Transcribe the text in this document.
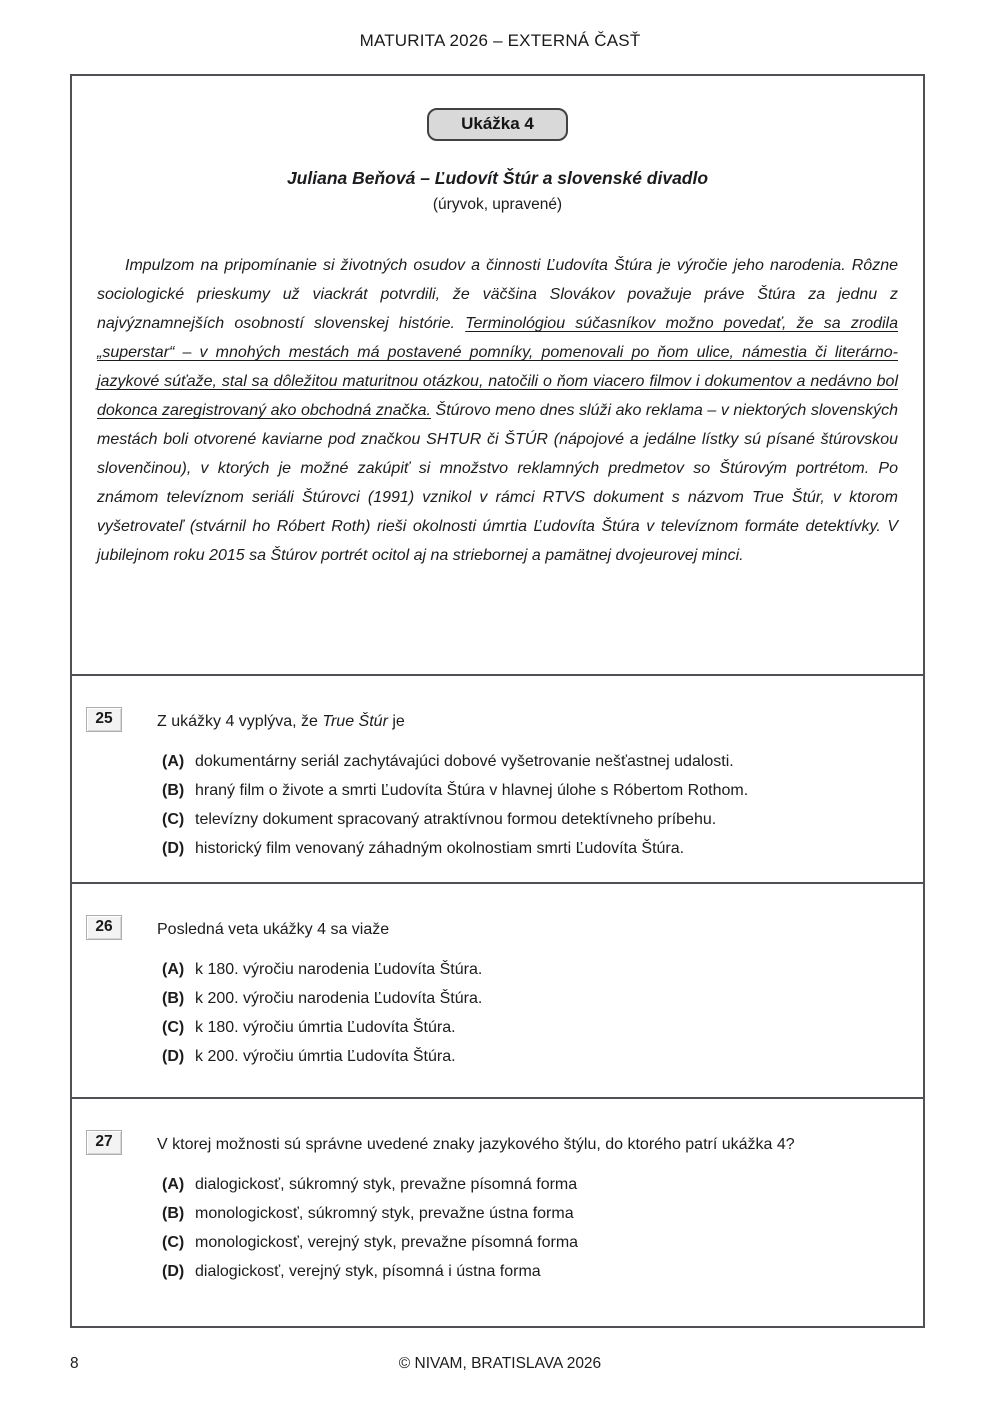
MATURITA 2026 – EXTERNÁ ČASŤ
Ukážka 4
Juliana Beňová – Ľudovít Štúr a slovenské divadlo
(úryvok, upravené)

Impulzom na pripomínanie si životných osudov a činnosti Ľudovíta Štúra je výročie jeho narodenia. Rôzne sociologické prieskumy už viackrát potvrdili, že väčšina Slovákov považuje práve Štúra za jednu z najvýznamnejších osobností slovenskej histórie. Terminológiou súčasníkov možno povedať, že sa zrodila „superstar“ – v mnohých mestách má postavené pomníky, pomenovali po ňom ulice, námestia či literárno-jazykové súťaže, stal sa dôležitou maturitnou otázkou, natočili o ňom viacero filmov i dokumentov a nedávno bol dokonca zaregistrovaný ako obchodná značka. Štúrovo meno dnes slúži ako reklama – v niektorých slovenských mestách boli otvorené kaviarne pod značkou SHTUR či ŠTÚR (nápojové a jedálne lístky sú písané štúrovskou slovenčinou), v ktorých je možné zakúpiť si množstvo reklamných predmetov so Štúrovým portrétom. Po známom televíznom seriáli Štúrovci (1991) vznikol v rámci RTVS dokument s názvom True Štúr, v ktorom vyšetrovateľ (stvárnil ho Róbert Roth) rieši okolnosti úmrtia Ľudovíta Štúra v televíznom formáte detektívky. V jubilejnom roku 2015 sa Štúrov portrét ocitol aj na striebornej a pamätnej dvojeurovej minci.

25	Z ukážky 4 vyplýva, že True Štúr je

(A) dokumentárny seriál zachytávajúci dobové vyšetrovanie nešťastnej udalosti.
(B) hraný film o živote a smrti Ľudovíta Štúra v hlavnej úlohe s Róbertom Rothom.
(C) televízny dokument spracovaný atraktívnou formou detektívneho príbehu.
(D) historický film venovaný záhadným okolnostiam smrti Ľudovíta Štúra.
26	Posledná veta ukážky 4 sa viaže

(A) k 180. výročiu narodenia Ľudovíta Štúra.
(B) k 200. výročiu narodenia Ľudovíta Štúra.
(C) k 180. výročiu úmrtia Ľudovíta Štúra.
(D) k 200. výročiu úmrtia Ľudovíta Štúra.
27	V ktorej možnosti sú správne uvedené znaky jazykového štýlu, do ktorého patrí ukážka 4?

(A) dialogickosť, súkromný styk, prevažne písomná forma
(B) monologickosť, súkromný styk, prevažne ústna forma
(C) monologickosť, verejný styk, prevažne písomná forma
(D) dialogickosť, verejný styk, písomná i ústna forma
8	© NIVAM, BRATISLAVA 2026
